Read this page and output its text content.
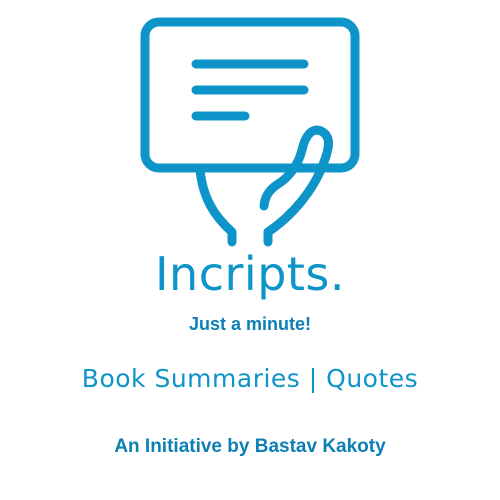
Incripts.
Just a minute!
Book Summaries | Quotes
An Initiative by Bastav Kakoty
